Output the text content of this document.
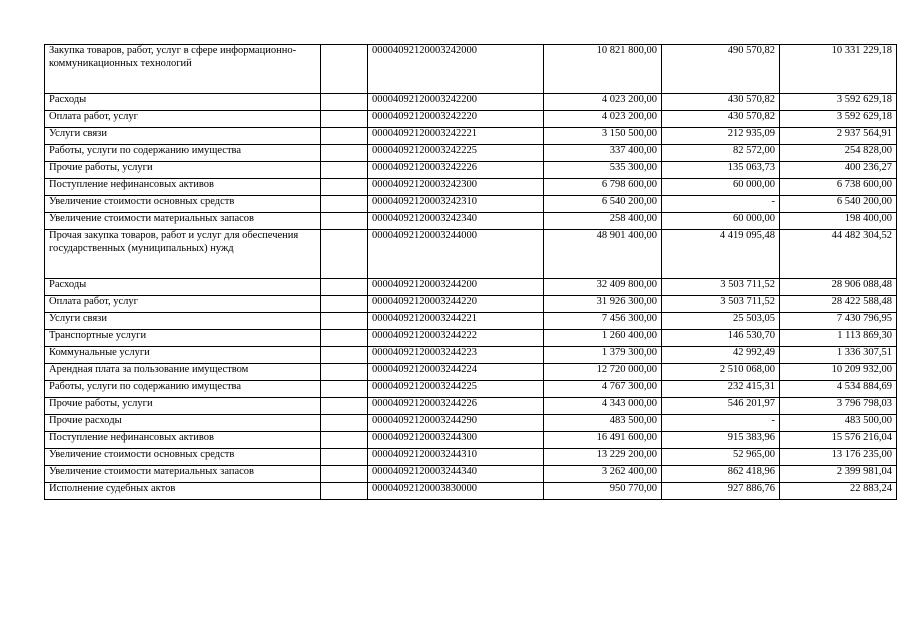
Закупка товаров, работ, услуг в сфере информационно-коммуникационных технологий		00004092120003242000	10 821 800,00	490 570,82	10 331 229,18
Расходы		00004092120003242200	4 023 200,00	430 570,82	3 592 629,18
Оплата работ, услуг		00004092120003242220	4 023 200,00	430 570,82	3 592 629,18
Услуги связи		00004092120003242221	3 150 500,00	212 935,09	2 937 564,91
Работы, услуги по содержанию имущества		00004092120003242225	337 400,00	82 572,00	254 828,00
Прочие работы, услуги		00004092120003242226	535 300,00	135 063,73	400 236,27
Поступление нефинансовых активов		00004092120003242300	6 798 600,00	60 000,00	6 738 600,00
Увеличение стоимости основных средств		00004092120003242310	6 540 200,00	-	6 540 200,00
Увеличение стоимости материальных запасов		00004092120003242340	258 400,00	60 000,00	198 400,00
Прочая закупка товаров, работ и услуг для обеспечения государственных (муниципальных) нужд		00004092120003244000	48 901 400,00	4 419 095,48	44 482 304,52
Расходы		00004092120003244200	32 409 800,00	3 503 711,52	28 906 088,48
Оплата работ, услуг		00004092120003244220	31 926 300,00	3 503 711,52	28 422 588,48
Услуги связи		00004092120003244221	7 456 300,00	25 503,05	7 430 796,95
Транспортные услуги		00004092120003244222	1 260 400,00	146 530,70	1 113 869,30
Коммунальные услуги		00004092120003244223	1 379 300,00	42 992,49	1 336 307,51
Арендная плата за пользование имуществом		00004092120003244224	12 720 000,00	2 510 068,00	10 209 932,00
Работы, услуги по содержанию имущества		00004092120003244225	4 767 300,00	232 415,31	4 534 884,69
Прочие работы, услуги		00004092120003244226	4 343 000,00	546 201,97	3 796 798,03
Прочие расходы		00004092120003244290	483 500,00	-	483 500,00
Поступление нефинансовых активов		00004092120003244300	16 491 600,00	915 383,96	15 576 216,04
Увеличение стоимости основных средств		00004092120003244310	13 229 200,00	52 965,00	13 176 235,00
Увеличение стоимости материальных запасов		00004092120003244340	3 262 400,00	862 418,96	2 399 981,04
Исполнение судебных актов		00004092120003830000	950 770,00	927 886,76	22 883,24
